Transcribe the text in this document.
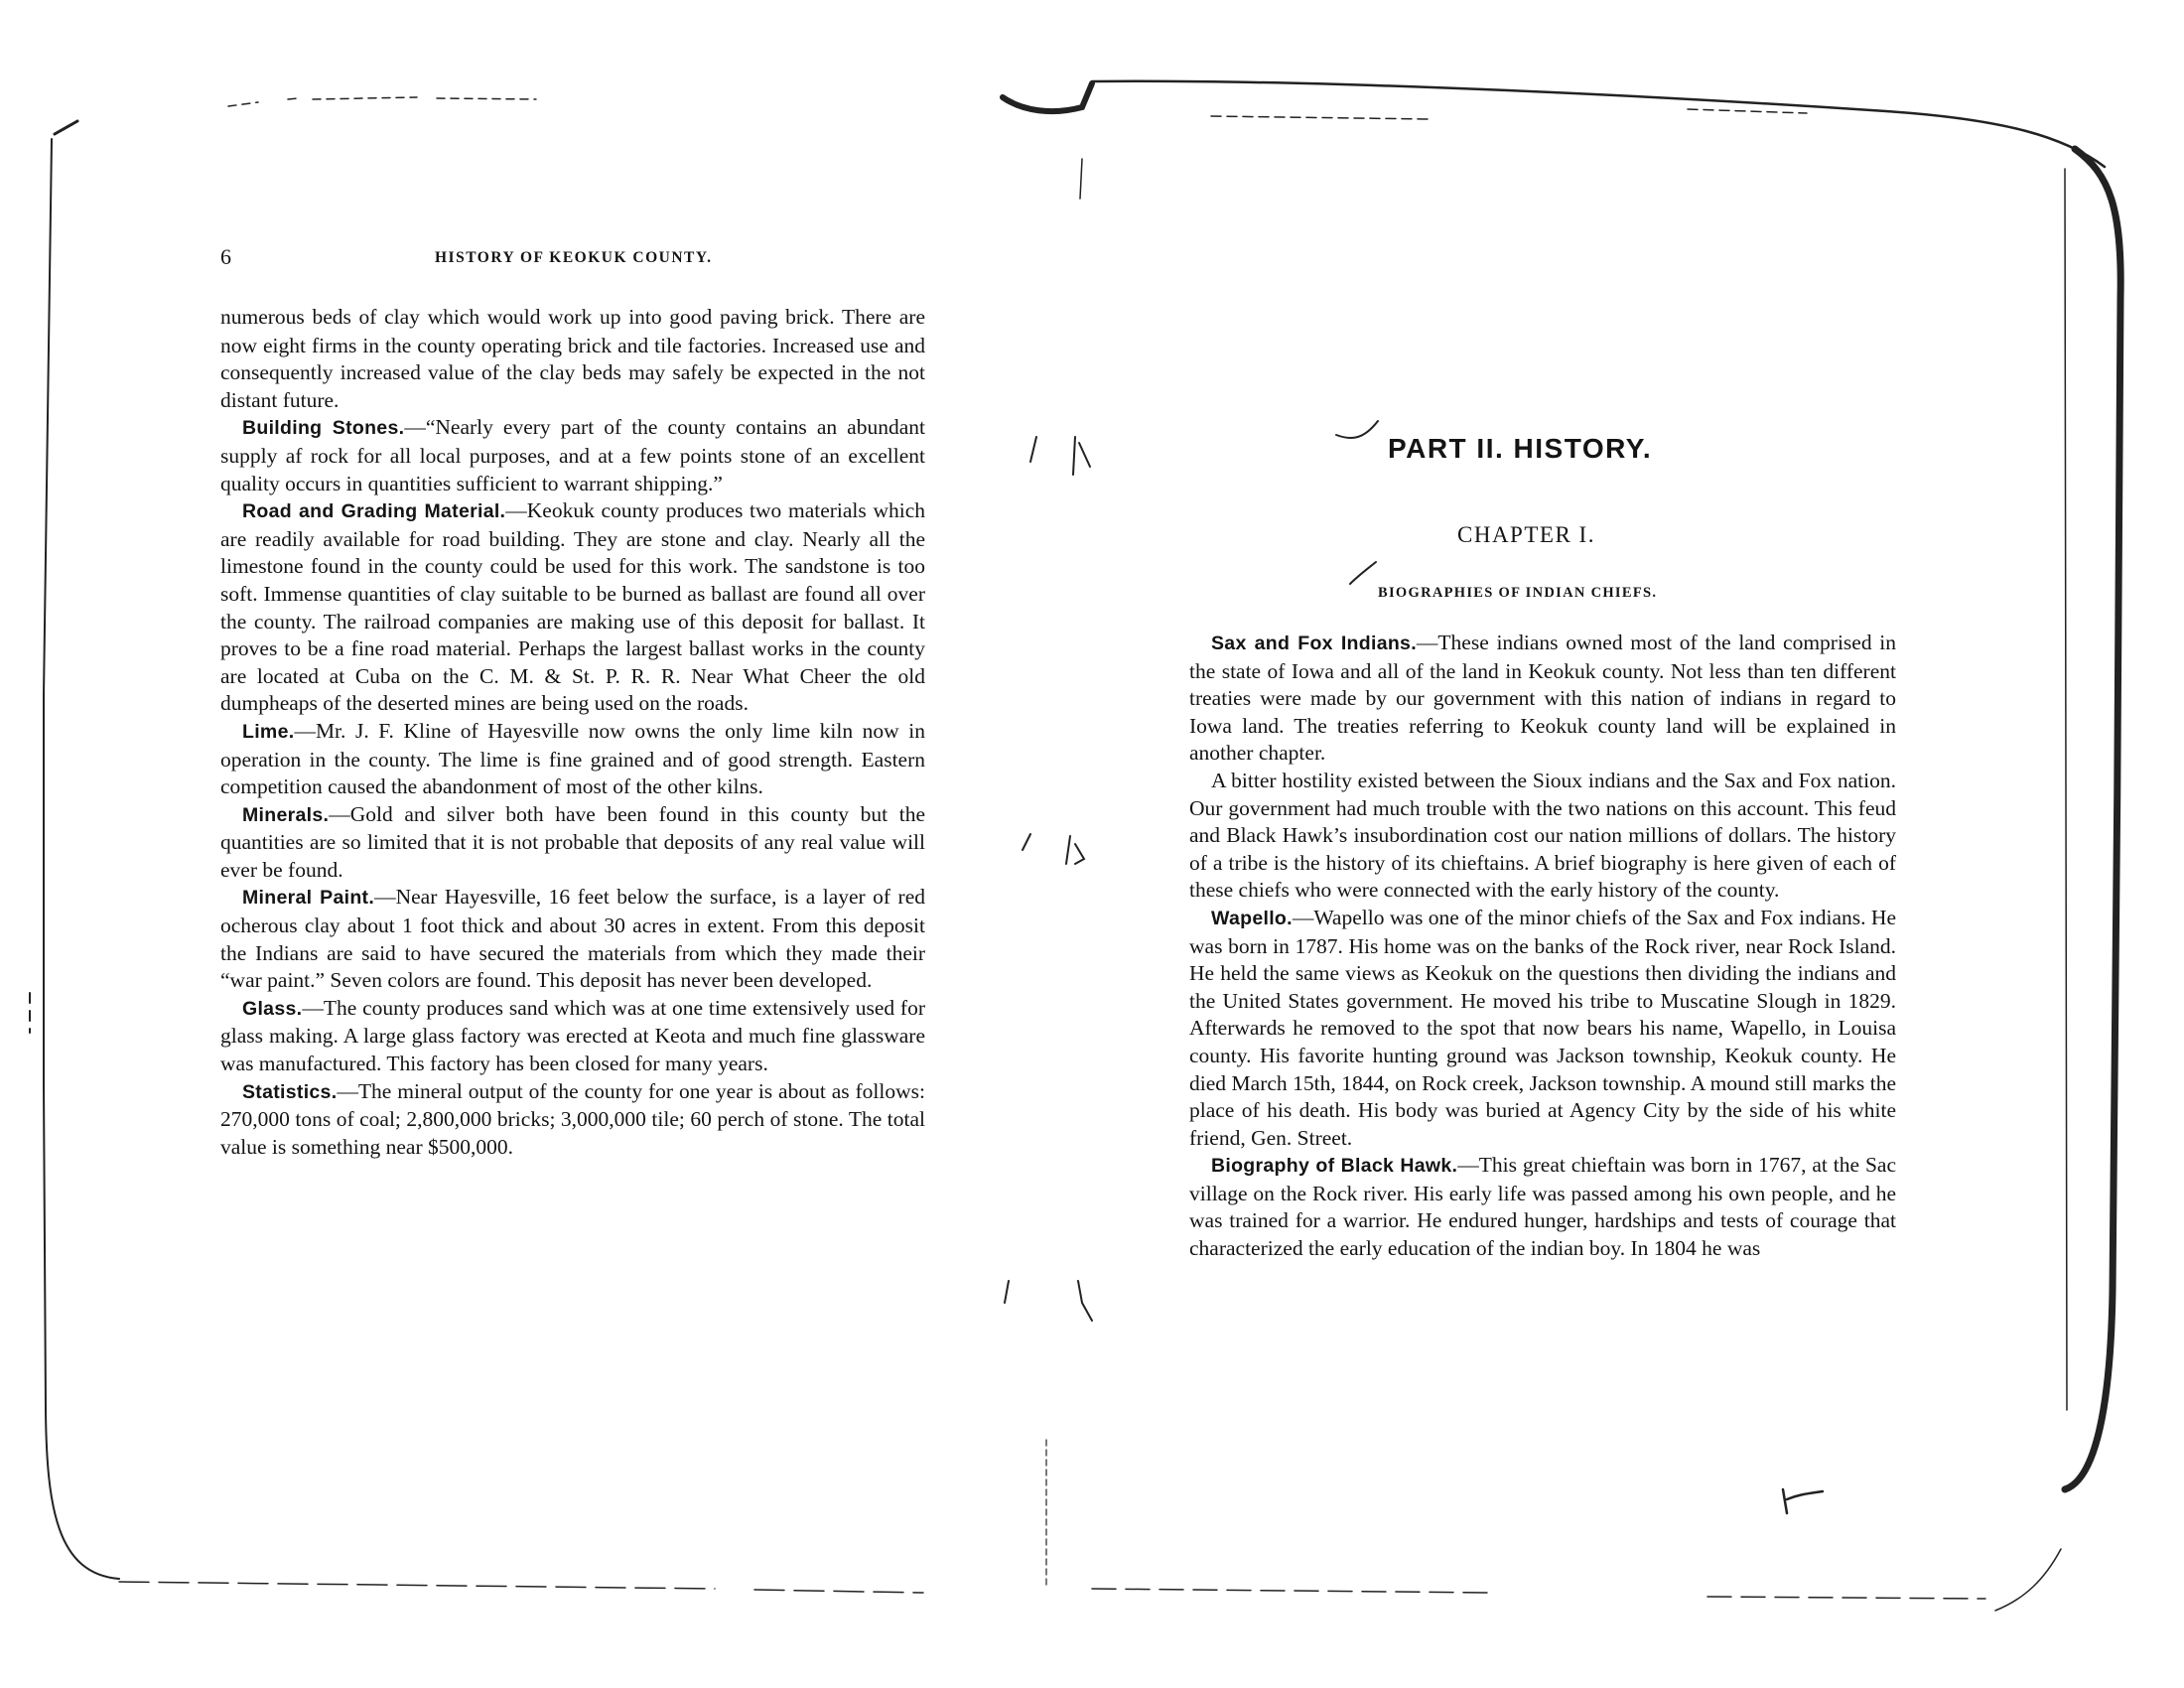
6	HISTORY OF KEOKUK COUNTY.

numerous beds of clay which would work up into good paving brick. There are now eight firms in the county operating brick and tile factories. Increased use and consequently increased value of the clay beds may safely be expected in the not distant future.

Building Stones.—“Nearly every part of the county contains an abundant supply af rock for all local purposes, and at a few points stone of an excellent quality occurs in quantities sufficient to warrant shipping.”

Road and Grading Material.—Keokuk county produces two materials which are readily available for road building. They are stone and clay. Nearly all the limestone found in the county could be used for this work. The sandstone is too soft. Immense quantities of clay suitable to be burned as ballast are found all over the county. The railroad companies are making use of this deposit for ballast. It proves to be a fine road material. Perhaps the largest ballast works in the county are located at Cuba on the C. M. & St. P. R. R. Near What Cheer the old dumpheaps of the deserted mines are being used on the roads.

Lime.—Mr. J. F. Kline of Hayesville now owns the only lime kiln now in operation in the county. The lime is fine grained and of good strength. Eastern competition caused the abandonment of most of the other kilns.

Minerals.—Gold and silver both have been found in this county but the quantities are so limited that it is not probable that deposits of any real value will ever be found.

Mineral Paint.—Near Hayesville, 16 feet below the surface, is a layer of red ocherous clay about 1 foot thick and about 30 acres in extent. From this deposit the Indians are said to have secured the materials from which they made their “war paint.” Seven colors are found. This deposit has never been developed.

Glass.—The county produces sand which was at one time extensively used for glass making. A large glass factory was erected at Keota and much fine glassware was manufactured. This factory has been closed for many years.

Statistics.—The mineral output of the county for one year is about as follows: 270,000 tons of coal; 2,800,000 bricks; 3,000,000 tile; 60 perch of stone. The total value is something near $500,000.

PART II. HISTORY.
CHAPTER I.
BIOGRAPHIES OF INDIAN CHIEFS.

Sax and Fox Indians.—These indians owned most of the land comprised in the state of Iowa and all of the land in Keokuk county. Not less than ten different treaties were made by our government with this nation of indians in regard to Iowa land. The treaties referring to Keokuk county land will be explained in another chapter.

A bitter hostility existed between the Sioux indians and the Sax and Fox nation. Our government had much trouble with the two nations on this account. This feud and Black Hawk’s insubordination cost our nation millions of dollars. The history of a tribe is the history of its chieftains. A brief biography is here given of each of these chiefs who were connected with the early history of the county.

Wapello.—Wapello was one of the minor chiefs of the Sax and Fox indians. He was born in 1787. His home was on the banks of the Rock river, near Rock Island. He held the same views as Keokuk on the questions then dividing the indians and the United States government. He moved his tribe to Muscatine Slough in 1829. Afterwards he removed to the spot that now bears his name, Wapello, in Louisa county. His favorite hunting ground was Jackson township, Keokuk county. He died March 15th, 1844, on Rock creek, Jackson township. A mound still marks the place of his death. His body was buried at Agency City by the side of his white friend, Gen. Street.

Biography of Black Hawk.—This great chieftain was born in 1767, at the Sac village on the Rock river. His early life was passed among his own people, and he was trained for a warrior. He endured hunger, hardships and tests of courage that characterized the early education of the indian boy. In 1804 he was
